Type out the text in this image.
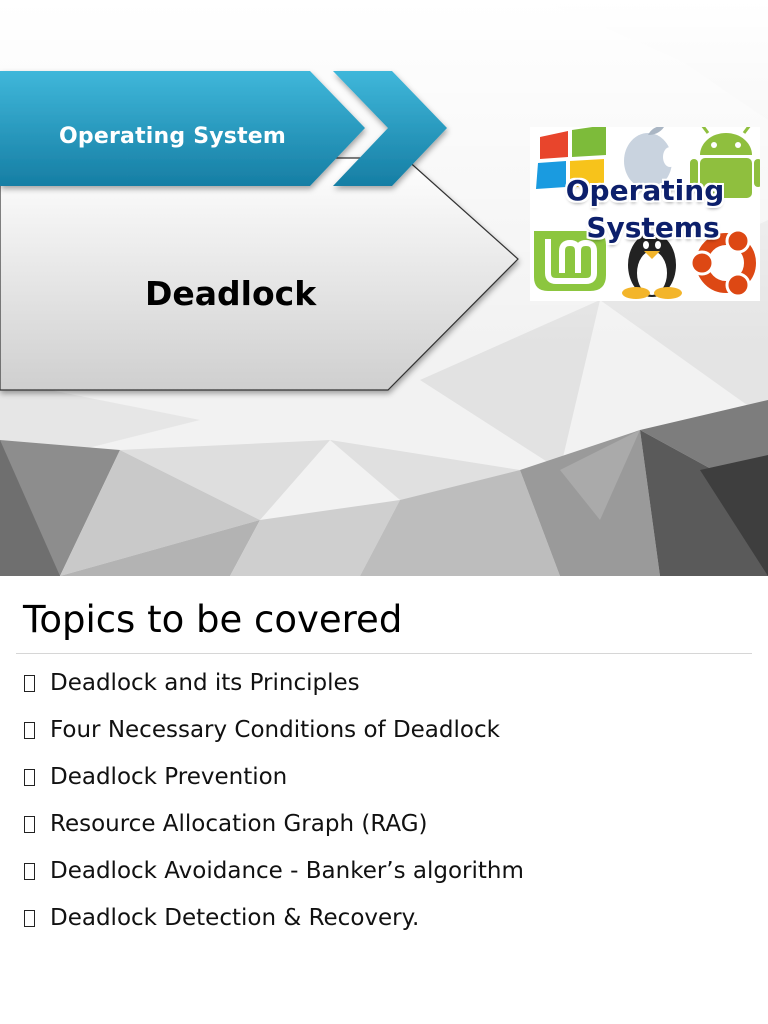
Operating System
Deadlock
Operating
Systems
Topics to be covered
Deadlock and its Principles
Four Necessary Conditions of Deadlock
Deadlock Prevention
Resource Allocation Graph (RAG)
Deadlock Avoidance - Banker’s algorithm
Deadlock Detection & Recovery.
